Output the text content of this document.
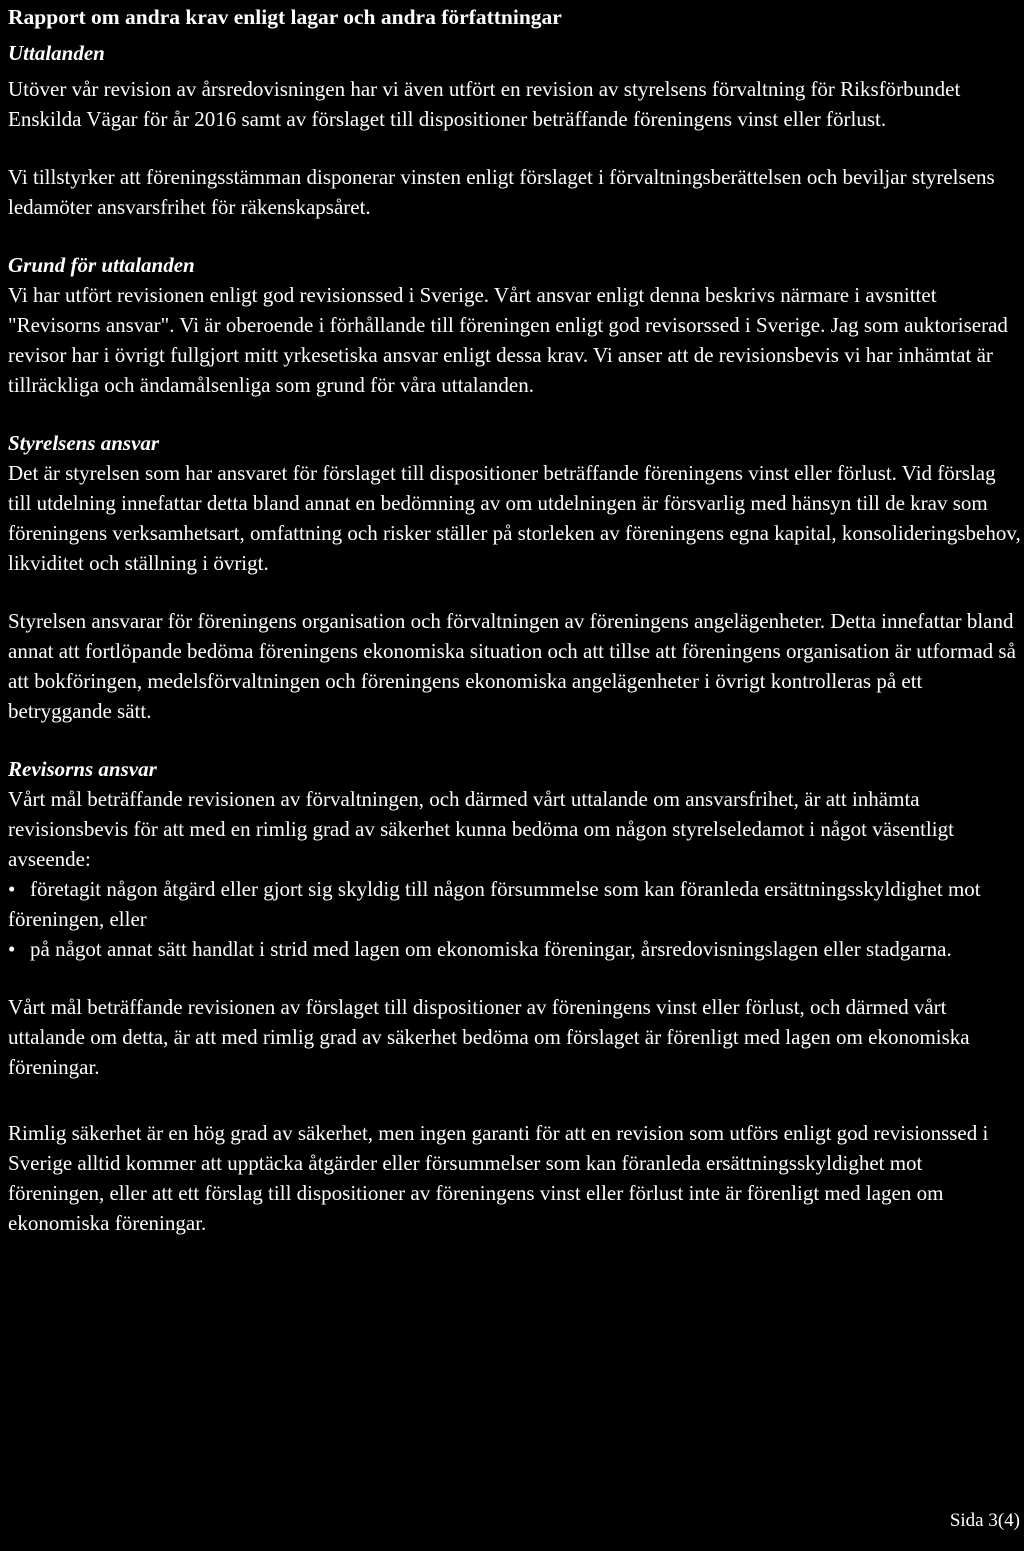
Rapport om andra krav enligt lagar och andra författningar
Uttalanden

Utöver vår revision av årsredovisningen har vi även utfört en revision av styrelsens förvaltning för Riksförbundet Enskilda Vägar för år 2016 samt av förslaget till dispositioner beträffande föreningens vinst eller förlust.

Vi tillstyrker att föreningsstämman disponerar vinsten enligt förslaget i förvaltningsberättelsen och beviljar styrelsens ledamöter ansvarsfrihet för räkenskapsåret.

Grund för uttalanden

Vi har utfört revisionen enligt god revisionssed i Sverige. Vårt ansvar enligt denna beskrivs närmare i avsnittet "Revisorns ansvar". Vi är oberoende i förhållande till föreningen enligt god revisorssed i Sverige. Jag som auktoriserad revisor har i övrigt fullgjort mitt yrkesetiska ansvar enligt dessa krav. Vi anser att de revisionsbevis vi har inhämtat är tillräckliga och ändamålsenliga som grund för våra uttalanden.

Styrelsens ansvar

Det är styrelsen som har ansvaret för förslaget till dispositioner beträffande föreningens vinst eller förlust. Vid förslag till utdelning innefattar detta bland annat en bedömning av om utdelningen är försvarlig med hänsyn till de krav som föreningens verksamhetsart, omfattning och risker ställer på storleken av föreningens egna kapital, konsolideringsbehov, likviditet och ställning i övrigt.

Styrelsen ansvarar för föreningens organisation och förvaltningen av föreningens angelägenheter. Detta innefattar bland annat att fortlöpande bedöma föreningens ekonomiska situation och att tillse att föreningens organisation är utformad så att bokföringen, medelsförvaltningen och föreningens ekonomiska angelägenheter i övrigt kontrolleras på ett betryggande sätt.

Revisorns ansvar

Vårt mål beträffande revisionen av förvaltningen, och därmed vårt uttalande om ansvarsfrihet, är att inhämta revisionsbevis för att med en rimlig grad av säkerhet kunna bedöma om någon styrelseledamot i något väsentligt avseende:

• företagit någon åtgärd eller gjort sig skyldig till någon försummelse som kan föranleda ersättningsskyldighet mot föreningen, eller

• på något annat sätt handlat i strid med lagen om ekonomiska föreningar, årsredovisningslagen eller stadgarna.

Vårt mål beträffande revisionen av förslaget till dispositioner av föreningens vinst eller förlust, och därmed vårt uttalande om detta, är att med rimlig grad av säkerhet bedöma om förslaget är förenligt med lagen om ekonomiska föreningar.

Rimlig säkerhet är en hög grad av säkerhet, men ingen garanti för att en revision som utförs enligt god revisionssed i Sverige alltid kommer att upptäcka åtgärder eller försummelser som kan föranleda ersättningsskyldighet mot föreningen, eller att ett förslag till dispositioner av föreningens vinst eller förlust inte är förenligt med lagen om ekonomiska föreningar.

Sida 3(4)
